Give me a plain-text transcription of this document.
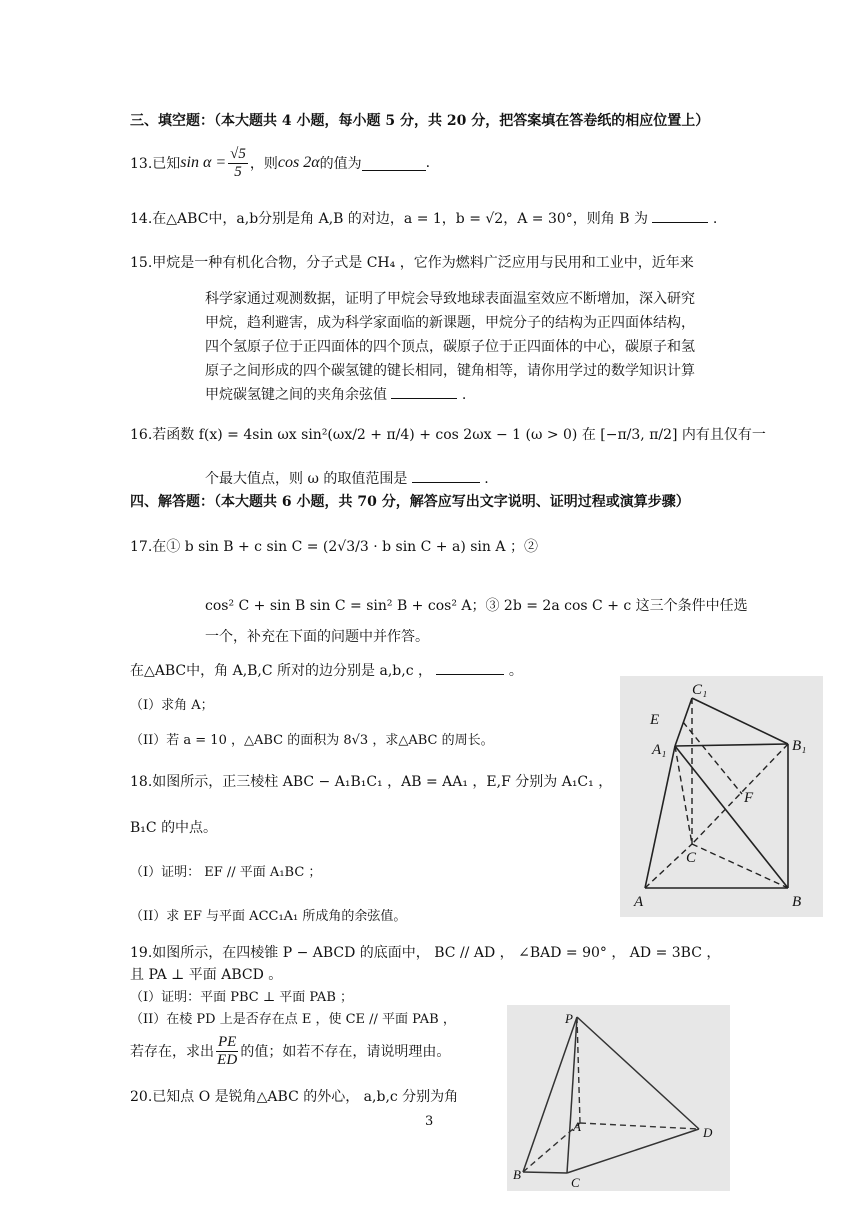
三、填空题：（本大题共 4 小题，每小题 5 分，共 20 分，把答案填在答卷纸的相应位置上）
13.已知 $\sin \alpha = \frac{√5}{5}$ ，则 cos 2α 的值为	.
14.在△ABC中，a,b分别是角 A,B 的对边，a = 1，b = √2，A = 30°，则角 B 为	.
15.甲烷是一种有机化合物，分子式是 CH₄ ，它作为燃料广泛应用与民用和工业中，近年来
科学家通过观测数据，证明了甲烷会导致地球表面温室效应不断增加，深入研究
甲烷，趋利避害，成为科学家面临的新课题，甲烷分子的结构为正四面体结构，
四个氢原子位于正四面体的四个顶点，碳原子位于正四面体的中心，碳原子和氢
原子之间形成的四个碳氢键的键长相同，键角相等，请你用学过的数学知识计算
甲烷碳氢键之间的夹角余弦值	.
16.若函数 f(x) = 4sin ωx sin²(ωx/2 + π/4) + cos 2ωx − 1 (ω > 0) 在 [−π/3, π/2] 内有且仅有一
个最大值点，则 ω 的取值范围是	.
四、解答题：（本大题共 6 小题，共 70 分，解答应写出文字说明、证明过程或演算步骤）
17.在① b sin B + c sin C = (2√3/3 · b sin C + a) sin A ；②
cos² C + sin B sin C = sin² B + cos² A；③ 2b = 2a cos C + c 这三个条件中任选
一个，补充在下面的问题中并作答。
在△ABC中，角 A,B,C 所对的边分别是 a,b,c ，	。
（I）求角 A；
（II）若 a = 10 ，△ABC 的面积为 8√3 ，求△ABC 的周长。
18.如图所示，正三棱柱 ABC − A₁B₁C₁ ，AB = AA₁ ，E,F 分别为 A₁C₁ ，
B₁C 的中点。
（I）证明： EF // 平面 A₁BC ；
（II）求 EF 与平面 ACC₁A₁ 所成角的余弦值。
19.如图所示，在四棱锥 P − ABCD 的底面中， BC // AD ， ∠BAD = 90° ， AD = 3BC ，
且 PA ⊥ 平面 ABCD 。
（I）证明：平面 PBC ⊥ 平面 PAB ；
（II）在棱 PD 上是否存在点 E ，使 CE // 平面 PAB ，
若存在，求出 $\frac{PE}{ED}$ 的值；如若不存在，请说明理由。
20.已知点 O 是锐角△ABC 的外心， a,b,c 分别为角
3
C₁
E
A₁	B₁
F
C
A	B
P
A	D
B
C
